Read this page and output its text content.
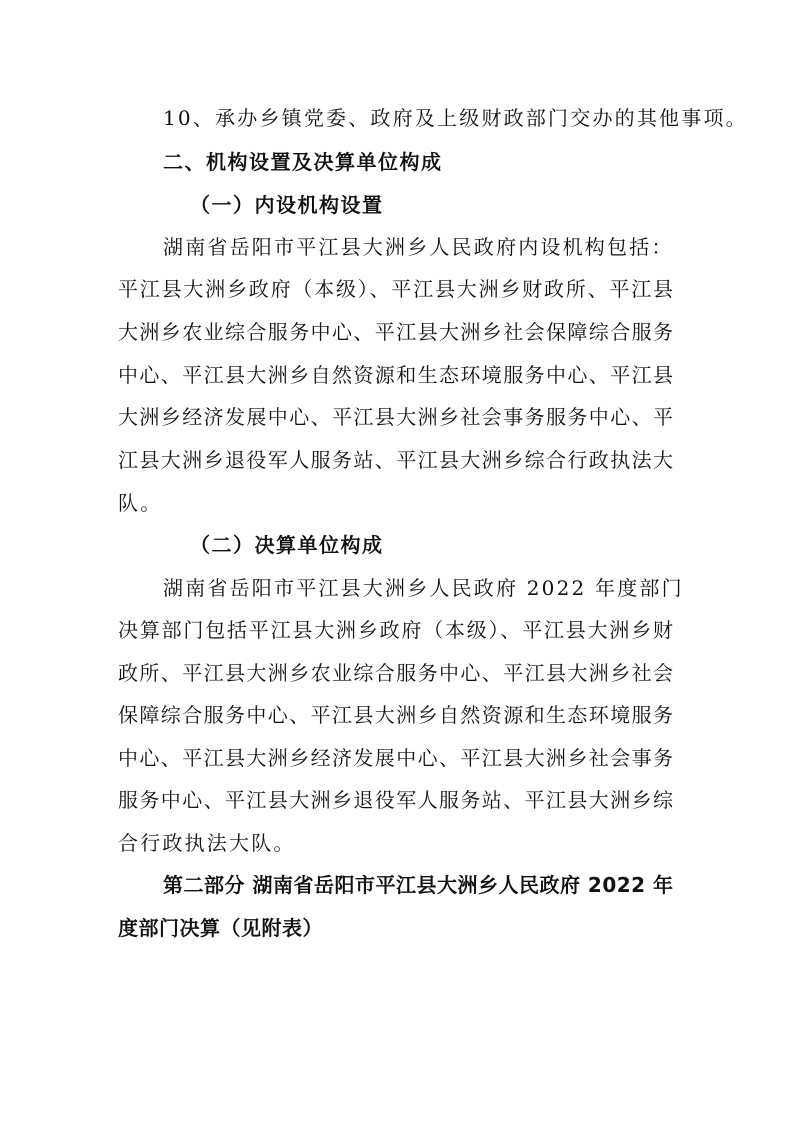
10、承办乡镇党委、政府及上级财政部门交办的其他事项。
二、机构设置及决算单位构成
（一）内设机构设置
湖南省岳阳市平江县大洲乡人民政府内设机构包括：
平江县大洲乡政府（本级）、平江县大洲乡财政所、平江县
大洲乡农业综合服务中心、平江县大洲乡社会保障综合服务
中心、平江县大洲乡自然资源和生态环境服务中心、平江县
大洲乡经济发展中心、平江县大洲乡社会事务服务中心、平
江县大洲乡退役军人服务站、平江县大洲乡综合行政执法大
队。
（二）决算单位构成
湖南省岳阳市平江县大洲乡人民政府 2022 年度部门
决算部门包括平江县大洲乡政府（本级）、平江县大洲乡财
政所、平江县大洲乡农业综合服务中心、平江县大洲乡社会
保障综合服务中心、平江县大洲乡自然资源和生态环境服务
中心、平江县大洲乡经济发展中心、平江县大洲乡社会事务
服务中心、平江县大洲乡退役军人服务站、平江县大洲乡综
合行政执法大队。
第二部分 湖南省岳阳市平江县大洲乡人民政府 2022 年
度部门决算（见附表）
